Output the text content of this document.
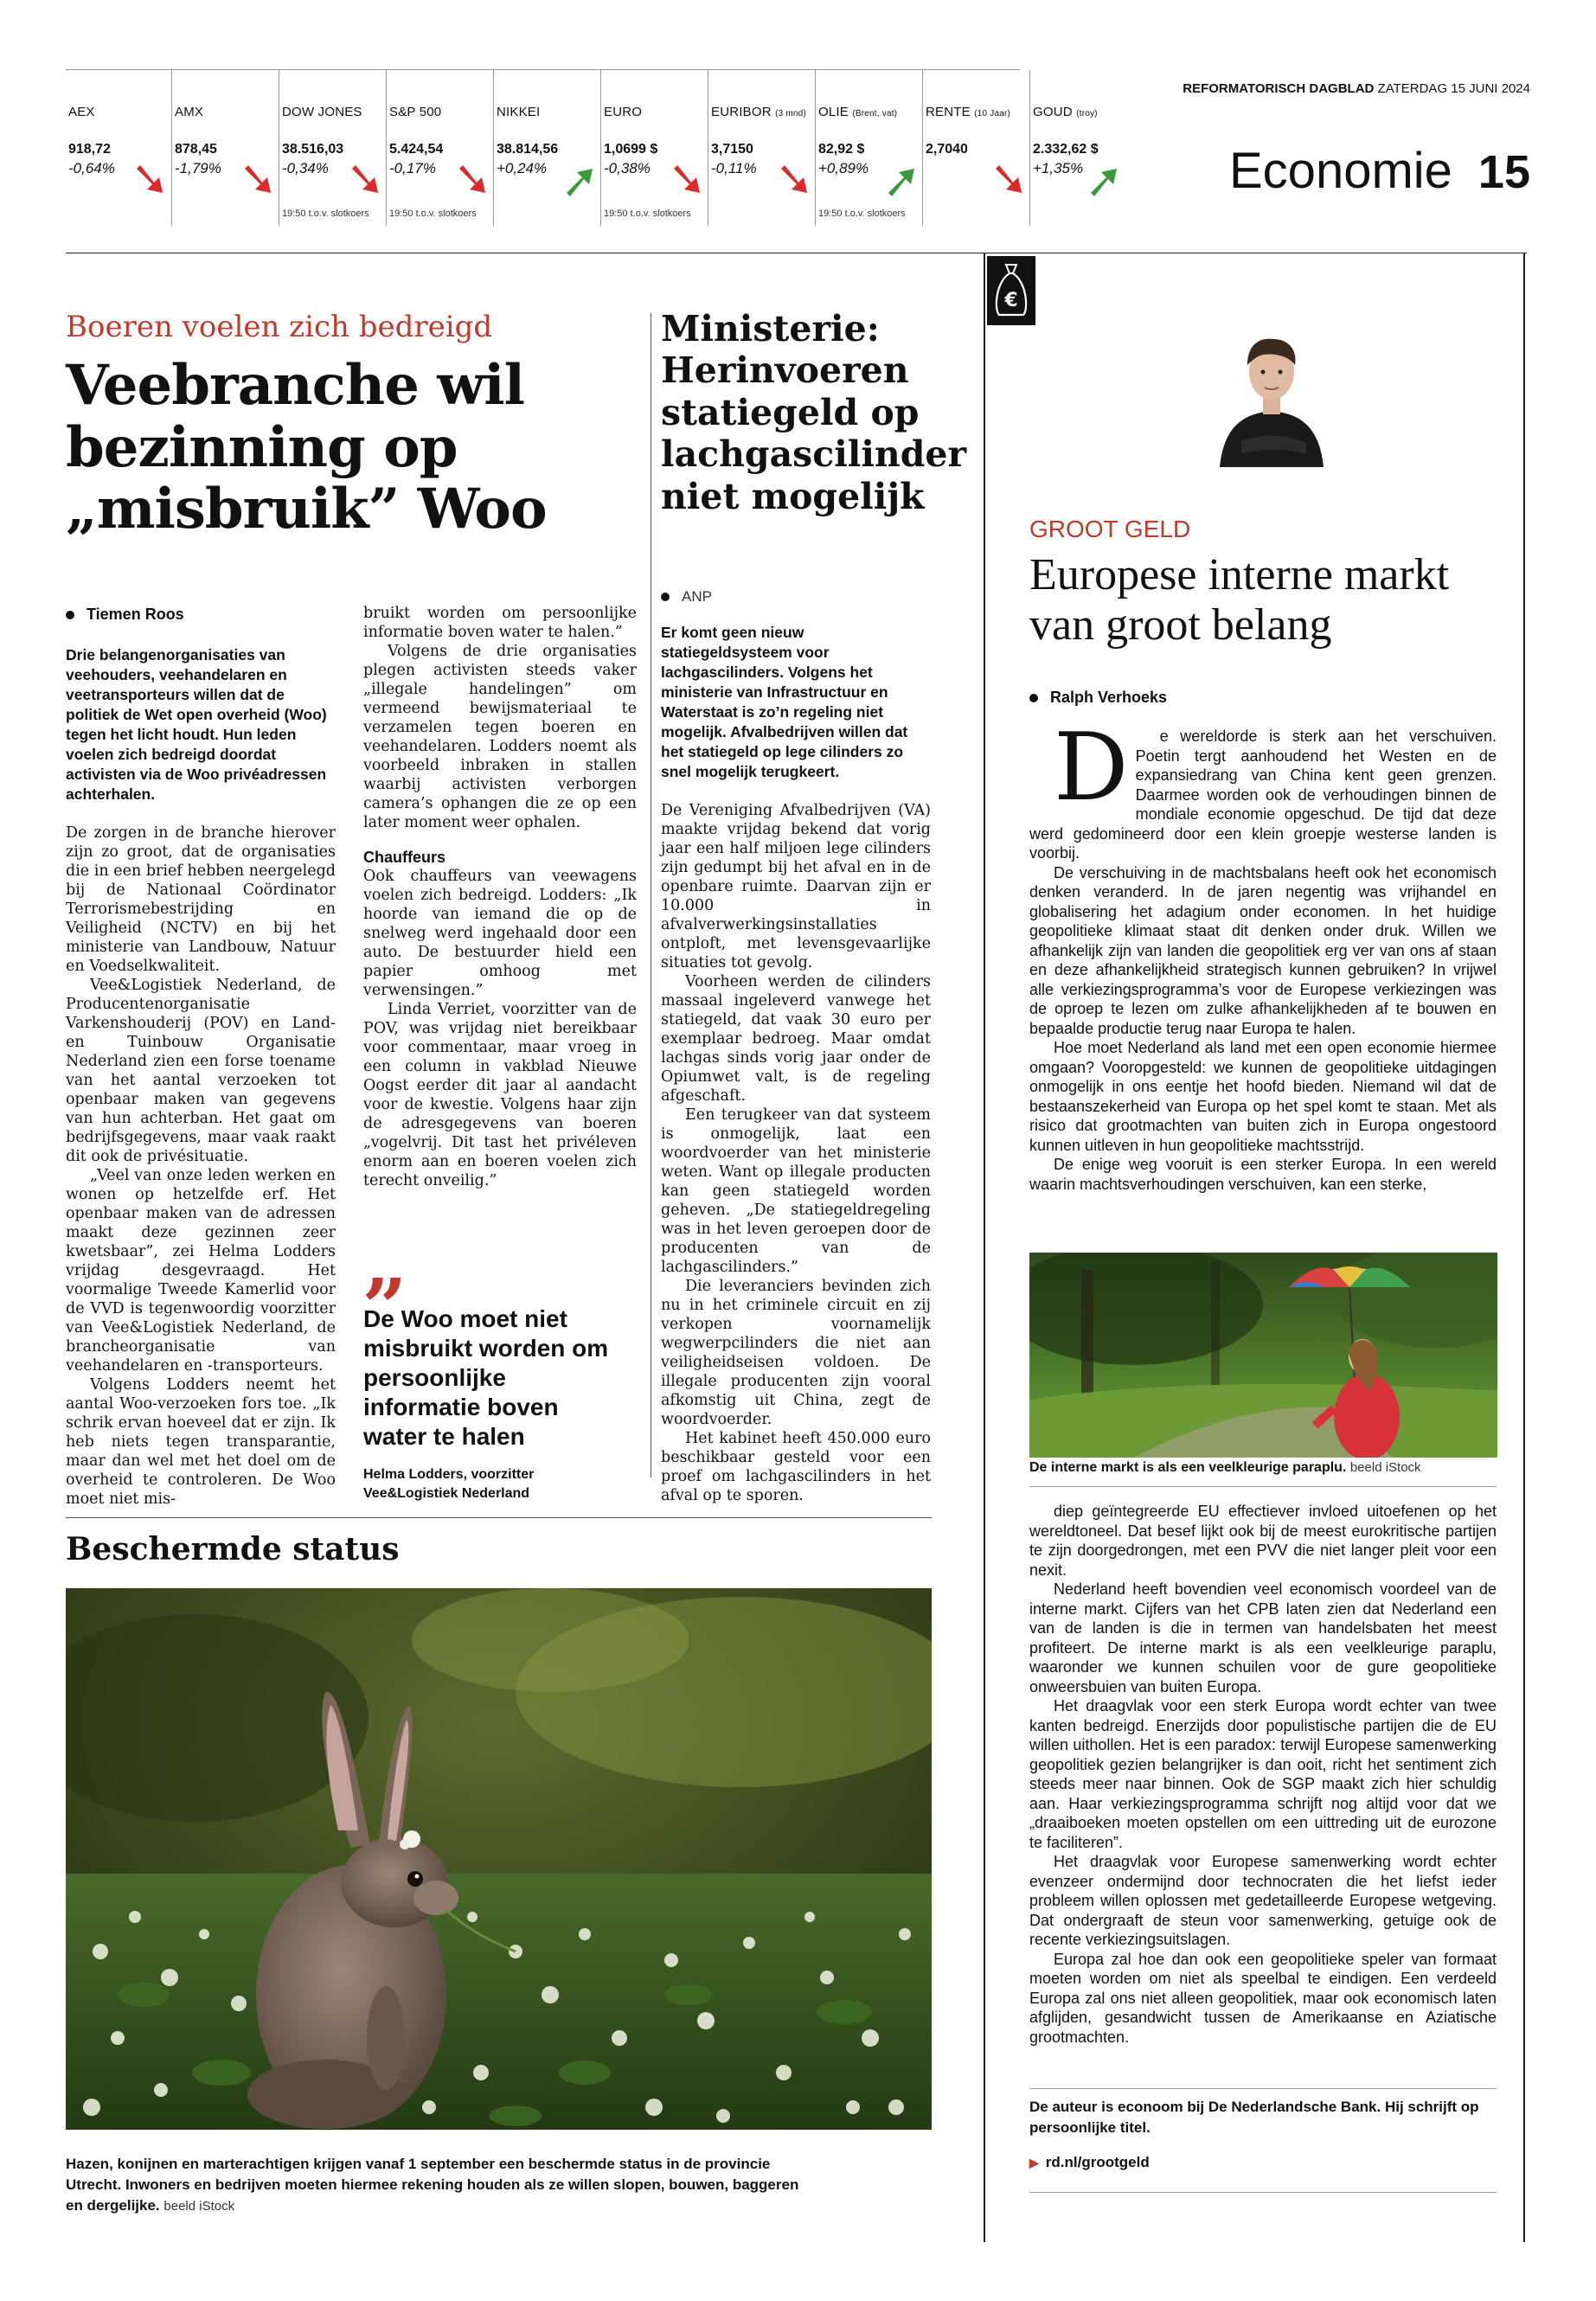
AEX
918,72
-0,64%
AMX
878,45
-1,79%
DOW JONES
38.516,03
-0,34%
19:50 t.o.v. slotkoers
S&P 500
5.424,54
-0,17%
19:50 t.o.v. slotkoers
NIKKEI
38.814,56
+0,24%
EURO
1,0699 $
-0,38%
19:50 t.o.v. slotkoers
EURIBOR (3 mnd)
3,7150
-0,11%
OLIE (Brent, vat)
82,92 $
+0,89%
19:50 t.o.v. slotkoers
RENTE (10 Jaar)
2,7040
GOUD (troy)
2.332,62 $
+1,35%
REFORMATORISCH DAGBLAD ZATERDAG 15 JUNI 2024
Economie 15
Boeren voelen zich bedreigd
Veebranche wil bezinning op „misbruik” Woo
Tiemen Roos

Drie belangenorganisaties van veehouders, veehandelaren en veetransporteurs willen dat de politiek de Wet open overheid (Woo) tegen het licht houdt. Hun leden voelen zich bedreigd doordat activisten via de Woo privéadressen achterhalen.

De zorgen in de branche hierover zijn zo groot, dat de organisaties die in een brief hebben neergelegd bij de Nationaal Coördinator Terrorismebestrijding en Veiligheid (NCTV) en bij het ministerie van Landbouw, Natuur en Voedselkwaliteit.

Vee&Logistiek Nederland, de Producentenorganisatie Varkenshouderij (POV) en Land- en Tuinbouw Organisatie Nederland zien een forse toename van het aantal verzoeken tot openbaar maken van gegevens van hun achterban. Het gaat om bedrijfsgegevens, maar vaak raakt dit ook de privésituatie.

„Veel van onze leden werken en wonen op hetzelfde erf. Het openbaar maken van de adressen maakt deze gezinnen zeer kwetsbaar”, zei Helma Lodders vrijdag desgevraagd. Het voormalige Tweede Kamerlid voor de VVD is tegenwoordig voorzitter van Vee&Logistiek Nederland, de brancheorganisatie van veehandelaren en -transporteurs.

Volgens Lodders neemt het aantal Woo-verzoeken fors toe. „Ik schrik ervan hoeveel dat er zijn. Ik heb niets tegen transparantie, maar dan wel met het doel om de overheid te controleren. De Woo moet niet mis-

bruikt worden om persoonlijke informatie boven water te halen.”

Volgens de drie organisaties plegen activisten steeds vaker „illegale handelingen” om vermeend bewijsmateriaal te verzamelen tegen boeren en veehandelaren. Lodders noemt als voorbeeld inbraken in stallen waarbij activisten verborgen camera’s ophangen die ze op een later moment weer ophalen.

Chauffeurs

Ook chauffeurs van veewagens voelen zich bedreigd. Lodders: „Ik hoorde van iemand die op de snelweg werd ingehaald door een auto. De bestuurder hield een papier omhoog met verwensingen.”

Linda Verriet, voorzitter van de POV, was vrijdag niet bereikbaar voor commentaar, maar vroeg in een column in vakblad Nieuwe Oogst eerder dit jaar al aandacht voor de kwestie. Volgens haar zijn de adresgegevens van boeren „vogelvrij. Dit tast het privéleven enorm aan en boeren voelen zich terecht onveilig.”

„
De Woo moet niet misbruikt worden om persoonlijke informatie boven water te halen
Helma Lodders, voorzitter Vee&Logistiek Nederland
Ministerie: Herinvoeren statiegeld op lachgascilinder niet mogelijk
ANP

Er komt geen nieuw statiegeldsysteem voor lachgascilinders. Volgens het ministerie van Infrastructuur en Waterstaat is zo’n regeling niet mogelijk. Afvalbedrijven willen dat het statiegeld op lege cilinders zo snel mogelijk terugkeert.

De Vereniging Afvalbedrijven (VA) maakte vrijdag bekend dat vorig jaar een half miljoen lege cilinders zijn gedumpt bij het afval en in de openbare ruimte. Daarvan zijn er 10.000 in afvalverwerkingsinstallaties ontploft, met levensgevaarlijke situaties tot gevolg.

Voorheen werden de cilinders massaal ingeleverd vanwege het statiegeld, dat vaak 30 euro per exemplaar bedroeg. Maar omdat lachgas sinds vorig jaar onder de Opiumwet valt, is de regeling afgeschaft.

Een terugkeer van dat systeem is onmogelijk, laat een woordvoerder van het ministerie weten. Want op illegale producten kan geen statiegeld worden geheven. „De statiegeldregeling was in het leven geroepen door de producenten van de lachgascilinders.”

Die leveranciers bevinden zich nu in het criminele circuit en zij verkopen voornamelijk wegwerpcilinders die niet aan veiligheidseisen voldoen. De illegale producenten zijn vooral afkomstig uit China, zegt de woordvoerder.

Het kabinet heeft 450.000 euro beschikbaar gesteld voor een proef om lachgascilinders in het afval op te sporen.

Beschermde status
Hazen, konijnen en marterachtigen krijgen vanaf 1 september een beschermde status in de provincie Utrecht. Inwoners en bedrijven moeten hiermee rekening houden als ze willen slopen, bouwen, baggeren en dergelijke. beeld iStock
€
GROOT GELD
Europese interne markt van groot belang
Ralph Verhoeks

D e wereldorde is sterk aan het verschuiven. Poetin tergt aanhoudend het Westen en de expansiedrang van China kent geen grenzen. Daarmee worden ook de verhoudingen binnen de mondiale economie opgeschud. De tijd dat deze werd gedomineerd door een klein groepje westerse landen is voorbij.

De verschuiving in de machtsbalans heeft ook het economisch denken veranderd. In de jaren negentig was vrijhandel en globalisering het adagium onder economen. In het huidige geopolitieke klimaat staat dit denken onder druk. Willen we afhankelijk zijn van landen die geopolitiek erg ver van ons af staan en deze afhankelijkheid strategisch kunnen gebruiken? In vrijwel alle verkiezingsprogramma’s voor de Europese verkiezingen was de oproep te lezen om zulke afhankelijkheden af te bouwen en bepaalde productie terug naar Europa te halen.

Hoe moet Nederland als land met een open economie hiermee omgaan? Vooropgesteld: we kunnen de geopolitieke uitdagingen onmogelijk in ons eentje het hoofd bieden. Niemand wil dat de bestaanszekerheid van Europa op het spel komt te staan. Met als risico dat grootmachten van buiten zich in Europa ongestoord kunnen uitleven in hun geopolitieke machtsstrijd.

De enige weg vooruit is een sterker Europa. In een wereld waarin machtsverhoudingen verschuiven, kan een sterke,

De interne markt is als een veelkleurige paraplu. beeld iStock

diep geïntegreerde EU effectiever invloed uitoefenen op het wereldtoneel. Dat besef lijkt ook bij de meest eurokritische partijen te zijn doorgedrongen, met een PVV die niet langer pleit voor een nexit.

Nederland heeft bovendien veel economisch voordeel van de interne markt. Cijfers van het CPB laten zien dat Nederland een van de landen is die in termen van handelsbaten het meest profiteert. De interne markt is als een veelkleurige paraplu, waaronder we kunnen schuilen voor de gure geopolitieke onweersbuien van buiten Europa.

Het draagvlak voor een sterk Europa wordt echter van twee kanten bedreigd. Enerzijds door populistische partijen die de EU willen uithollen. Het is een paradox: terwijl Europese samenwerking geopolitiek gezien belangrijker is dan ooit, richt het sentiment zich steeds meer naar binnen. Ook de SGP maakt zich hier schuldig aan. Haar verkiezingsprogramma schrijft nog altijd voor dat we „draaiboeken moeten opstellen om een uittreding uit de eurozone te faciliteren”.

Het draagvlak voor Europese samenwerking wordt echter evenzeer ondermijnd door technocraten die het liefst ieder probleem willen oplossen met gedetailleerde Europese wetgeving. Dat ondergraaft de steun voor samenwerking, getuige ook de recente verkiezingsuitslagen.

Europa zal hoe dan ook een geopolitieke speler van formaat moeten worden om niet als speelbal te eindigen. Een verdeeld Europa zal ons niet alleen geopolitiek, maar ook economisch laten afglijden, gesandwicht tussen de Amerikaanse en Aziatische grootmachten.

De auteur is econoom bij De Nederlandsche Bank. Hij schrijft op persoonlijke titel.
▶ rd.nl/grootgeld
